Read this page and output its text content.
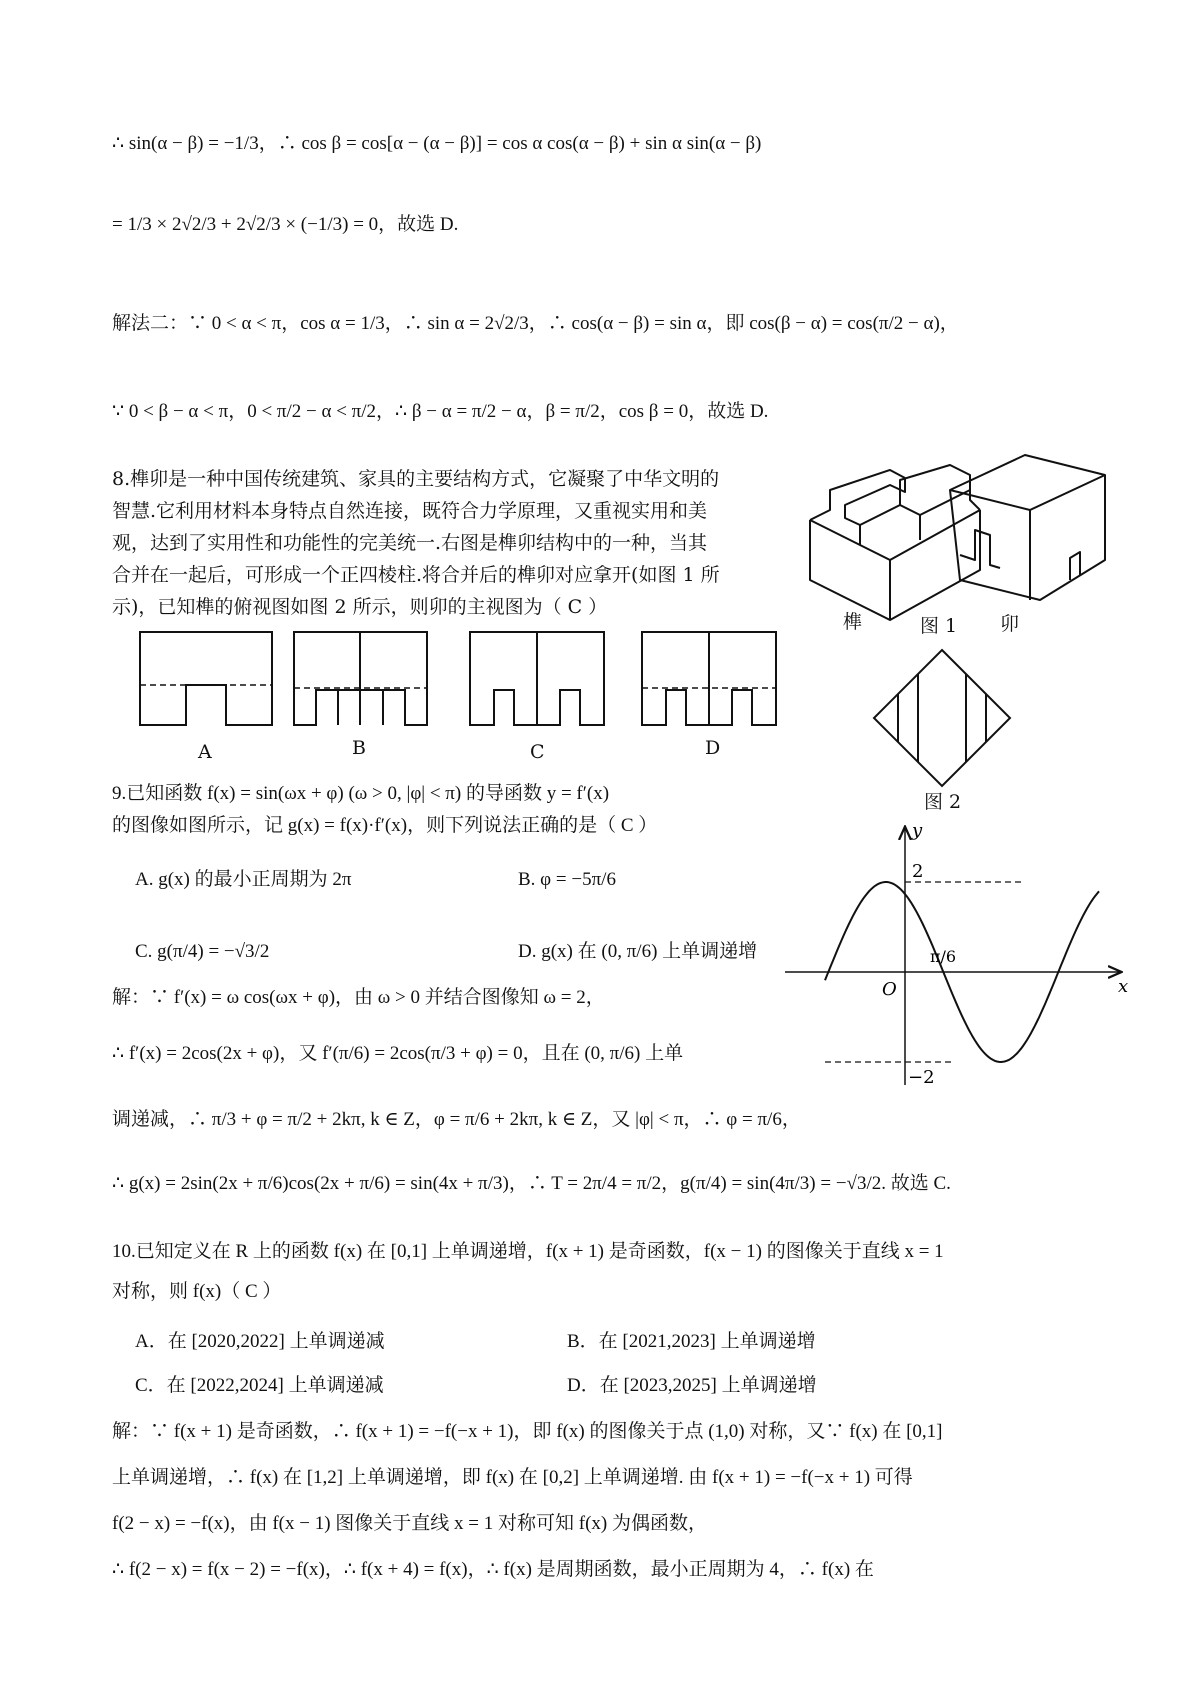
∴ sin(α − β) = −1/3，∴ cos β = cos[α − (α − β)] = cos α cos(α − β) + sin α sin(α − β)
= 1/3 × 2√2/3 + 2√2/3 × (−1/3) = 0，故选 D.
解法二：∵ 0 < α < π，cos α = 1/3，∴ sin α = 2√2/3，∴ cos(α − β) = sin α，即 cos(β − α) = cos(π/2 − α)，
∵ 0 < β − α < π，0 < π/2 − α < π/2，∴ β − α = π/2 − α，β = π/2，cos β = 0，故选 D.
8.榫卯是一种中国传统建筑、家具的主要结构方式，它凝聚了中华文明的
智慧.它利用材料本身特点自然连接，既符合力学原理，又重视实用和美
观，达到了实用性和功能性的完美统一.右图是榫卯结构中的一种，当其
合并在一起后，可形成一个正四棱柱.将合并后的榫卯对应拿开(如图 1 所
示)，已知榫的俯视图如图 2 所示，则卯的主视图为（ C ）
A	B	C	D
榫	图 1 卯
图 2
9.已知函数 f(x) = sin(ωx + φ) (ω > 0, |φ| < π) 的导函数 y = f′(x)
的图像如图所示，记 g(x) = f(x)·f′(x)，则下列说法正确的是（ C ）
A. g(x) 的最小正周期为 2π	B. φ = −5π/6
C. g(π/4) = −√3/2	D. g(x) 在 (0, π/6) 上单调递增
解：∵ f′(x) = ω cos(ωx + φ)，由 ω > 0 并结合图像知 ω = 2，
∴ f′(x) = 2cos(2x + φ)，又 f′(π/6) = 2cos(π/3 + φ) = 0，且在 (0, π/6) 上单
调递减，∴ π/3 + φ = π/2 + 2kπ, k ∈ Z，φ = π/6 + 2kπ, k ∈ Z，又 |φ| < π，∴ φ = π/6，
∴ g(x) = 2sin(2x + π/6)cos(2x + π/6) = sin(4x + π/3)，∴ T = 2π/4 = π/2，g(π/4) = sin(4π/3) = −√3/2. 故选 C.
y
x
O
2
−2
π/6
10.已知定义在 R 上的函数 f(x) 在 [0,1] 上单调递增，f(x + 1) 是奇函数，f(x − 1) 的图像关于直线 x = 1
对称，则 f(x)（ C ）
A．在 [2020,2022] 上单调递减	B．在 [2021,2023] 上单调递增
C．在 [2022,2024] 上单调递减	D．在 [2023,2025] 上单调递增
解：∵ f(x + 1) 是奇函数，∴ f(x + 1) = −f(−x + 1)，即 f(x) 的图像关于点 (1,0) 对称，又∵ f(x) 在 [0,1]
上单调递增，∴ f(x) 在 [1,2] 上单调递增，即 f(x) 在 [0,2] 上单调递增. 由 f(x + 1) = −f(−x + 1) 可得
f(2 − x) = −f(x)，由 f(x − 1) 图像关于直线 x = 1 对称可知 f(x) 为偶函数，
∴ f(2 − x) = f(x − 2) = −f(x)，∴ f(x + 4) = f(x)，∴ f(x) 是周期函数，最小正周期为 4，∴ f(x) 在
